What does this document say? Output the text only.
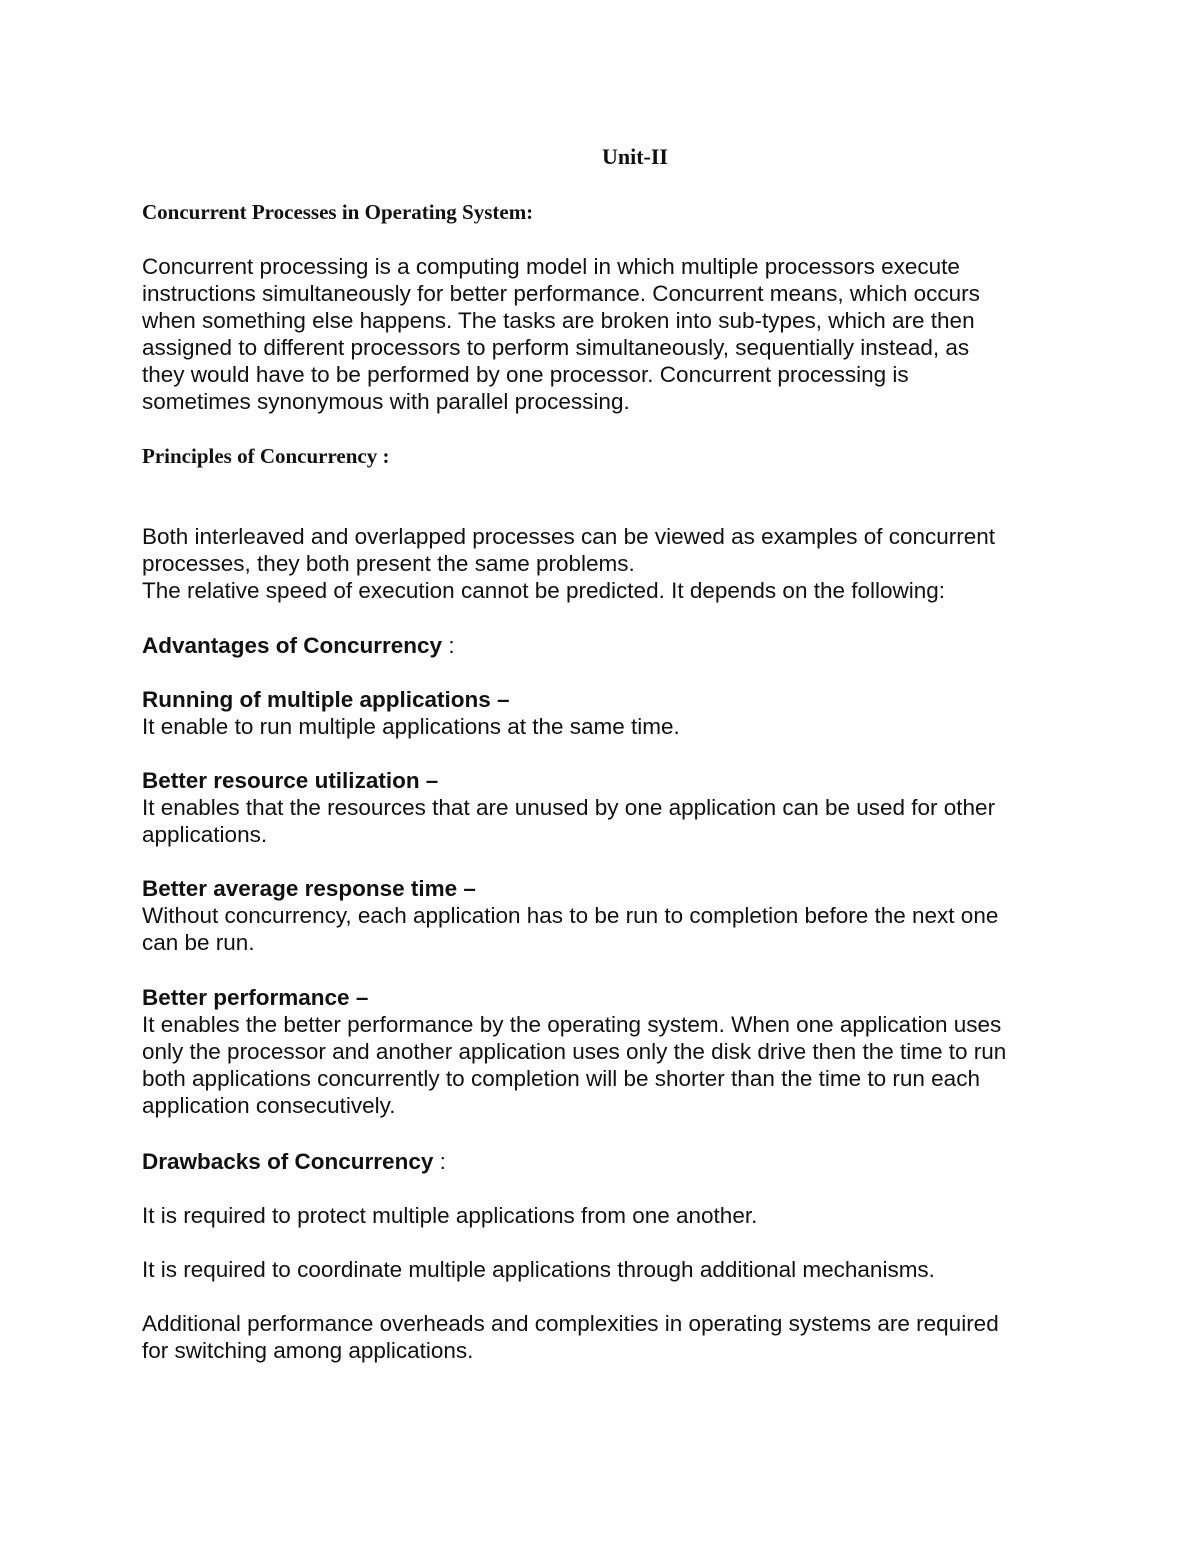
Unit-II
Concurrent Processes in Operating System:
Concurrent processing is a computing model in which multiple processors execute
instructions simultaneously for better performance. Concurrent means, which occurs
when something else happens. The tasks are broken into sub-types, which are then
assigned to different processors to perform simultaneously, sequentially instead, as
they would have to be performed by one processor. Concurrent processing is
sometimes synonymous with parallel processing.
Principles of Concurrency :
Both interleaved and overlapped processes can be viewed as examples of concurrent
processes, they both present the same problems.
The relative speed of execution cannot be predicted. It depends on the following:
Advantages of Concurrency :
Running of multiple applications –
It enable to run multiple applications at the same time.
Better resource utilization –
It enables that the resources that are unused by one application can be used for other
applications.
Better average response time –
Without concurrency, each application has to be run to completion before the next one
can be run.
Better performance –
It enables the better performance by the operating system. When one application uses
only the processor and another application uses only the disk drive then the time to run
both applications concurrently to completion will be shorter than the time to run each
application consecutively.
Drawbacks of Concurrency :
It is required to protect multiple applications from one another.
It is required to coordinate multiple applications through additional mechanisms.
Additional performance overheads and complexities in operating systems are required
for switching among applications.
